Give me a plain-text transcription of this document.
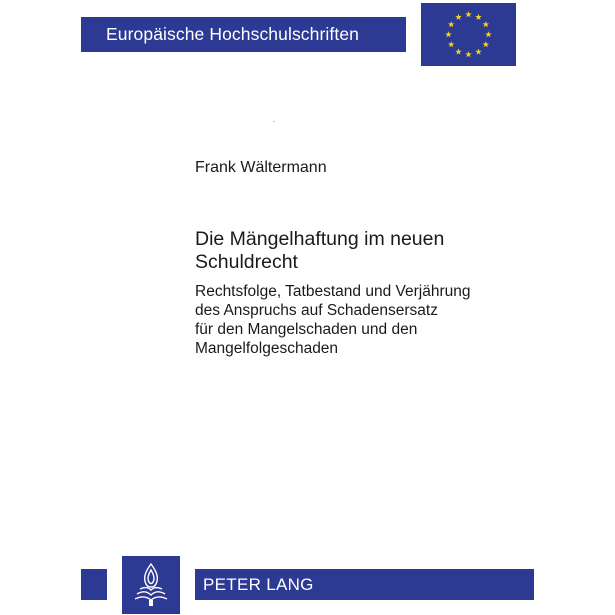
Europäische Hochschulschriften
Frank Wältermann
Die Mängelhaftung im neuen
Schuldrecht
Rechtsfolge, Tatbestand und Verjährung
des Anspruchs auf Schadensersatz
für den Mangelschaden und den
Mangelfolgeschaden
PETER LANG
